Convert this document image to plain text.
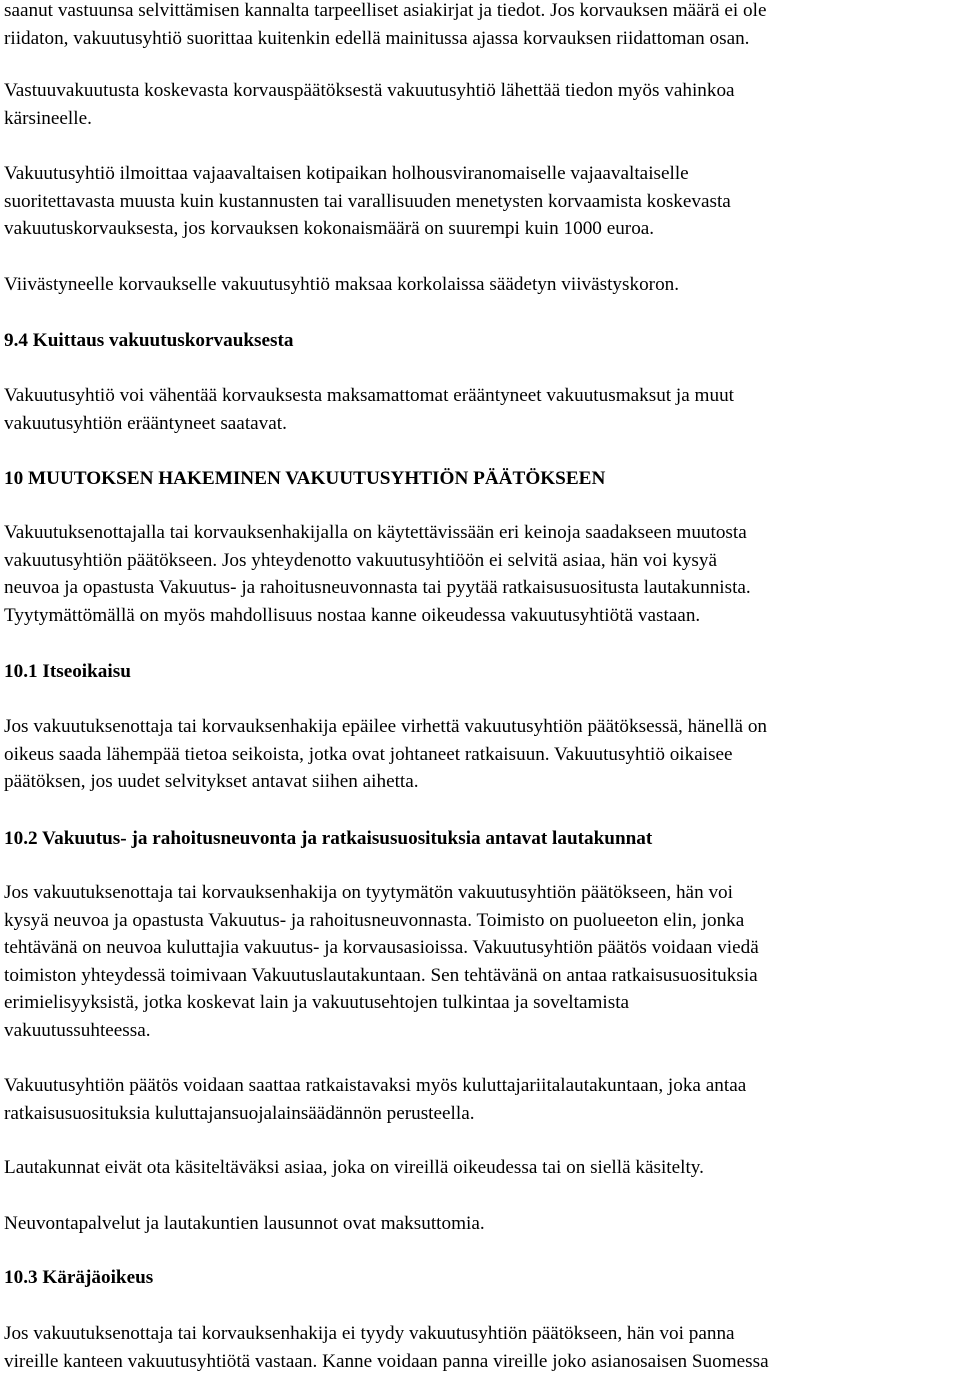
saanut vastuunsa selvittämisen kannalta tarpeelliset asiakirjat ja tiedot. Jos korvauksen määrä ei ole
riidaton, vakuutusyhtiö suorittaa kuitenkin edellä mainitussa ajassa korvauksen riidattoman osan.

Vastuuvakuutusta koskevasta korvauspäätöksestä vakuutusyhtiö lähettää tiedon myös vahinkoa
kärsineelle.

Vakuutusyhtiö ilmoittaa vajaavaltaisen kotipaikan holhousviranomaiselle vajaavaltaiselle
suoritettavasta muusta kuin kustannusten tai varallisuuden menetysten korvaamista koskevasta
vakuutuskorvauksesta, jos korvauksen kokonaismäärä on suurempi kuin 1000 euroa.

Viivästyneelle korvaukselle vakuutusyhtiö maksaa korkolaissa säädetyn viivästyskoron.

9.4 Kuittaus vakuutuskorvauksesta

Vakuutusyhtiö voi vähentää korvauksesta maksamattomat erääntyneet vakuutusmaksut ja muut
vakuutusyhtiön erääntyneet saatavat.

10 MUUTOKSEN HAKEMINEN VAKUUTUSYHTIÖN PÄÄTÖKSEEN

Vakuutuksenottajalla tai korvauksenhakijalla on käytettävissään eri keinoja saadakseen muutosta
vakuutusyhtiön päätökseen. Jos yhteydenotto vakuutusyhtiöön ei selvitä asiaa, hän voi kysyä
neuvoa ja opastusta Vakuutus- ja rahoitusneuvonnasta tai pyytää ratkaisusuositusta lautakunnista.
Tyytymättömällä on myös mahdollisuus nostaa kanne oikeudessa vakuutusyhtiötä vastaan.

10.1 Itseoikaisu

Jos vakuutuksenottaja tai korvauksenhakija epäilee virhettä vakuutusyhtiön päätöksessä, hänellä on
oikeus saada lähempää tietoa seikoista, jotka ovat johtaneet ratkaisuun. Vakuutusyhtiö oikaisee
päätöksen, jos uudet selvitykset antavat siihen aihetta.

10.2 Vakuutus- ja rahoitusneuvonta ja ratkaisusuosituksia antavat lautakunnat

Jos vakuutuksenottaja tai korvauksenhakija on tyytymätön vakuutusyhtiön päätökseen, hän voi
kysyä neuvoa ja opastusta Vakuutus- ja rahoitusneuvonnasta. Toimisto on puolueeton elin, jonka
tehtävänä on neuvoa kuluttajia vakuutus- ja korvausasioissa. Vakuutusyhtiön päätös voidaan viedä
toimiston yhteydessä toimivaan Vakuutuslautakuntaan. Sen tehtävänä on antaa ratkaisusuosituksia
erimielisyyksistä, jotka koskevat lain ja vakuutusehtojen tulkintaa ja soveltamista
vakuutussuhteessa.

Vakuutusyhtiön päätös voidaan saattaa ratkaistavaksi myös kuluttajariitalautakuntaan, joka antaa
ratkaisusuosituksia kuluttajansuojalainsäädännön perusteella.

Lautakunnat eivät ota käsiteltäväksi asiaa, joka on vireillä oikeudessa tai on siellä käsitelty.

Neuvontapalvelut ja lautakuntien lausunnot ovat maksuttomia.

10.3 Käräjäoikeus

Jos vakuutuksenottaja tai korvauksenhakija ei tyydy vakuutusyhtiön päätökseen, hän voi panna
vireille kanteen vakuutusyhtiötä vastaan. Kanne voidaan panna vireille joko asianosaisen Suomessa
